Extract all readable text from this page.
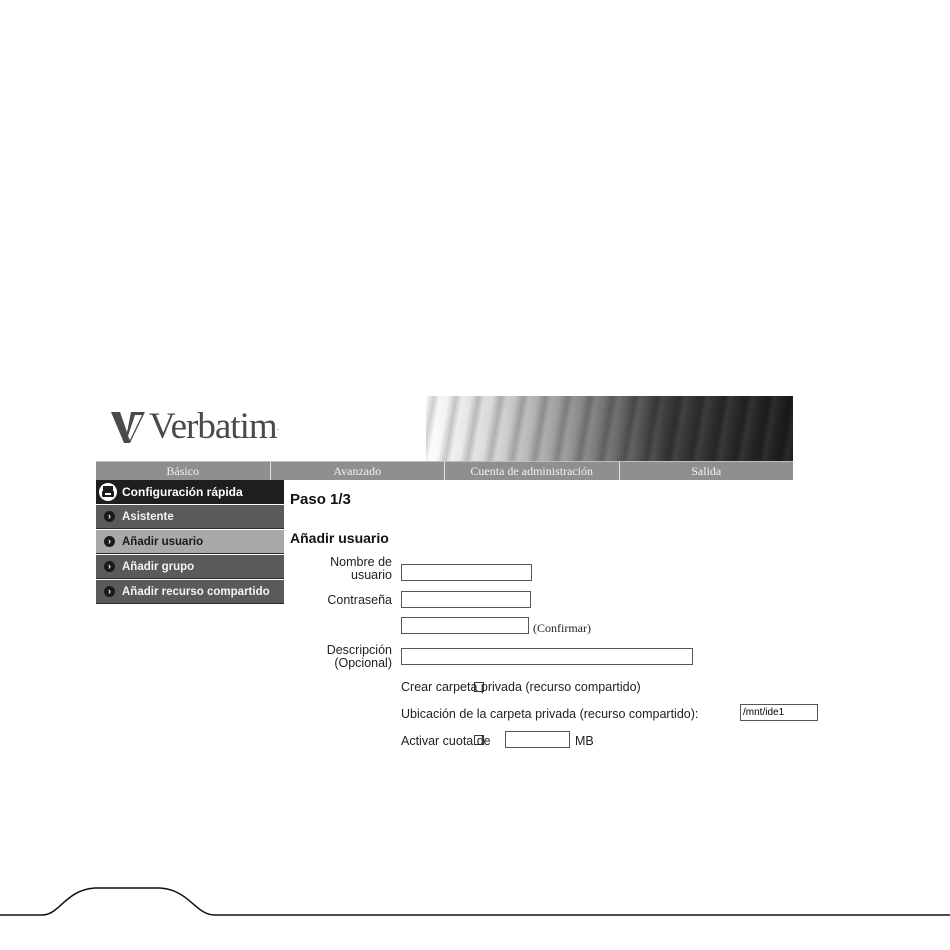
Verbatim .
Básico	Avanzado	Cuenta de administración	Salida
Configuración rápida
› Asistente
› Añadir usuario
› Añadir grupo
› Añadir recurso compartido
Paso 1/3
Añadir usuario
Nombre de
usuario
Contraseña
(Confirmar)
Descripción
(Opcional)
Crear carpeta privada (recurso compartido)
Ubicación de la carpeta privada (recurso compartido):
/mnt/ide1
Activar cuota de	MB
